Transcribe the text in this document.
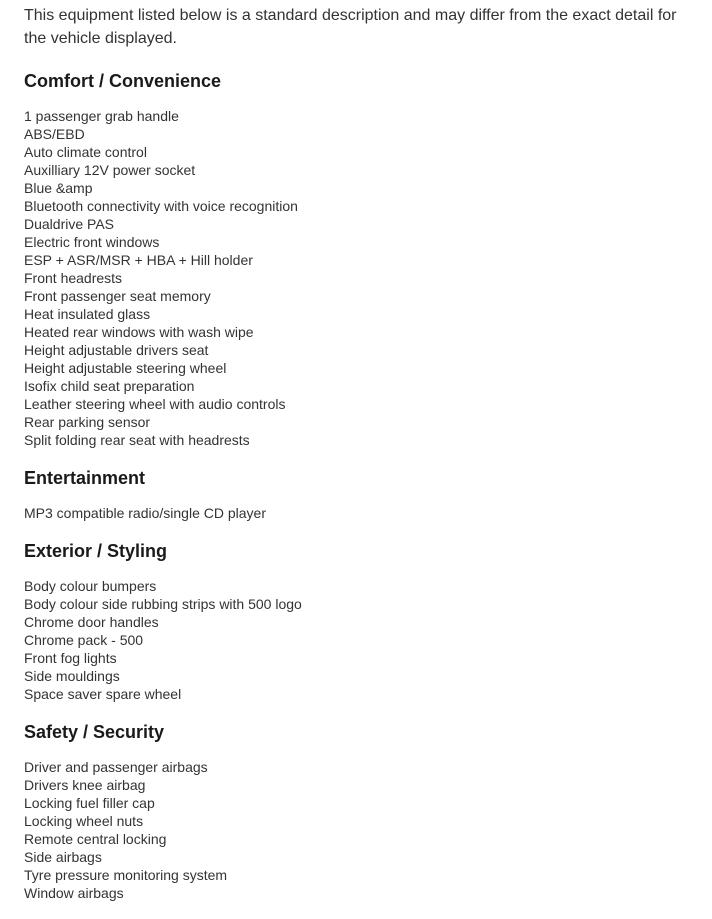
This equipment listed below is a standard description and may differ from the exact detail for the vehicle displayed.

Comfort / Convenience
1 passenger grab handle
ABS/EBD
Auto climate control
Auxilliary 12V power socket
Blue &amp
Bluetooth connectivity with voice recognition
Dualdrive PAS
Electric front windows
ESP + ASR/MSR + HBA + Hill holder
Front headrests
Front passenger seat memory
Heat insulated glass
Heated rear windows with wash wipe
Height adjustable drivers seat
Height adjustable steering wheel
Isofix child seat preparation
Leather steering wheel with audio controls
Rear parking sensor
Split folding rear seat with headrests
Entertainment
MP3 compatible radio/single CD player
Exterior / Styling
Body colour bumpers
Body colour side rubbing strips with 500 logo
Chrome door handles
Chrome pack - 500
Front fog lights
Side mouldings
Space saver spare wheel
Safety / Security
Driver and passenger airbags
Drivers knee airbag
Locking fuel filler cap
Locking wheel nuts
Remote central locking
Side airbags
Tyre pressure monitoring system
Window airbags
